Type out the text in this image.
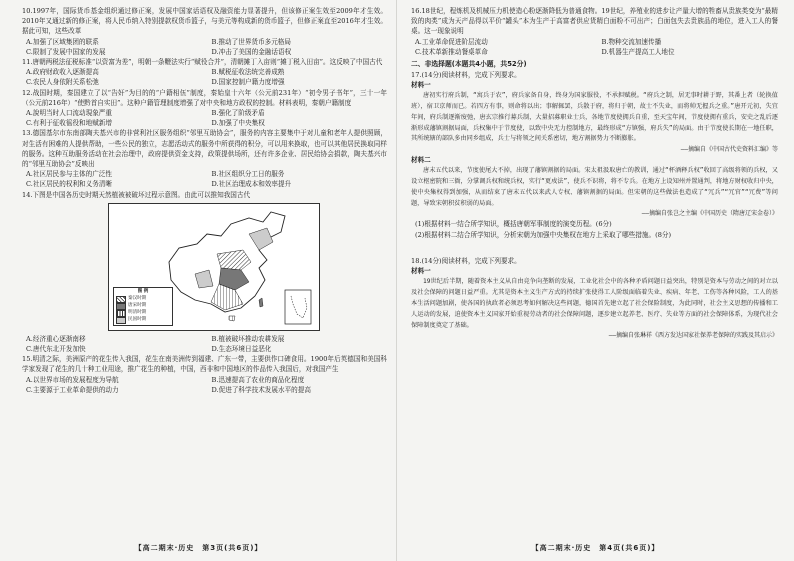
10.1997年，国际货币基金组织通过修正案，发展中国家话语权及融资能力显著提升，但该修正案生效至2009年才生效。2010年又通过新的修正案，将人民币纳入特别提款权货币篮子，与美元等构成新的货币篮子，但修正案直至2016年才生效。据此可知，这些改革

A.加强了区域集团的联系	B.推动了世界货币多元格局
C.限制了发展中国家的发展	D.冲击了美国的金融话语权

11.唐朝两税法征税标准“以资富为差”，明朝一条鞭法实行“赋役合并”，清朝摊丁入亩则“摊丁税入田亩”。这反映了中国古代

A.政府财政收入逐渐提高	B.赋税征收法统完善成熟
C.农民人身依附关系松弛	D.国家控制户籍力度增强

12.战国时期，秦国建立了以“告奸”为目的的“户籍相伍”制度，秦始皇十六年（公元前231年）“初令男子书年”，三十一年（公元前216年）“使黔首自实田”。这种户籍管理制度增强了对中央和地方政权的控制。材料表明，秦朝户籍制度

A.說明当时人口流动現象严重	B.强化了阶级矛盾
C.有利于征收徭役和地赋新增	D.加强了中央集权

13.德国基尔市东南部陶夫基兴市的非营利社区服务组织“邻里互助协会”，服务的内容主要集中于对儿童和老年人提供照顾，对生活有困难的人提供帮助，一些公民的独立，志愿活动式的服务中所获得的积分，可以用来换取，也可以其他居民换取同样的服务。这种互助服务活动在社会治理中，政府提供资金支持，政策提供场所，还有许多企业、居民给协会捐款，陶夫基兴市的“邻里互助协会”反映出

A.社区居民参与主体的广泛性	B.社区组织分工日的服务
C.社区居民的权利和义务清晰	D.社区治理成本和效率提升

14.下图是中国各历史时期天然植被被破坏过程示意图。由此可以推知我国古代

图 例
秦汉时期
唐宋时期
明清时期
民国时期
A.经济重心逐渐南移	B.植被破坏推动农耕发展
C.唐代东北开发加快	D.生态环境日益恶化

15.明清之际，美洲原产的花生传入我国，花生在南美洲传到福建、广东一带，主要供作口碑食用。1900年后英德国和美国科学家发现了花生的几十种工业用途，推广花生的种植，中国，西非和中国地区的作品传入我国后，对我国产生

A.以世界市场的发展程度为导航	B.迅速提高了农业的商品化程度
C.主要源于工业革命提供的动力	D.促进了科学技术发展水平的提高
【高二期末·历史　第3页(共6页)】

16.18世纪，程炼机及机械压力机使造心粉逐渐降低为普通食物。19世纪，养殖业的进步让产量大增的牲畜从贵族类变为“最精致的肉类”成为天产品得以平价“罐头”本为生产于高富者供应货精白面粉不可出产；白面包失去贵族品的地位，进入工人的餐桌。这一现象说明

A.工业革命促进阶层流动	B.物种交流加速传播
C.技术革新推动餐桌革命	D.机器生产提高工人地位

二、非选择题(本题共4小题，共52分)

17.(14分)阅读材料，完成下列要求。

材料一

唐初实行府兵制，“寓兵于农”，府兵家备自身，终身为国家服役，不承担赋税。“府兵之制，居无事时耕于野，其番上者（轮换值班），宿卫京师而已。若四方有事，则命将以出；事解辄罢，兵散于府，将归于朝，故士不失业，而将帅无握兵之重。”唐开元初，失宜年间，府兵制逐渐废弛，唐玄宗推行募兵制，大量招募职业士兵，各地节度使拥兵自重，至天宝年间，节度使拥有重兵，安史之乱后逐渐形成藩镇割据局面，兵权集中于节度使，以致中央无力控制地方，最终形成“方镇强，府兵失”的局面。由于节度使长期在一地任职，其所统辖的部队多由同乡组成，兵士与将领之间关系密切，地方割据势力不断膨胀。

——摘编自《中国古代史资料汇编》等

材料二

唐末五代以来，节度使尾大不掉，出现了藩镇割据的局面。宋太祖汲取唐亡的教训，通过“杯酒释兵权”收回了高级将领的兵权，又设立枢密院和三衙，分掌调兵权和统兵权，实行“更戍法”，使兵不识将，将不专兵。在地方上设知州并置通判，将地方财权收归中央，使中央集权得到加强，从而结束了唐末五代以来武人专权、藩镇割据的局面。但宋朝的这些做法也造成了“冗兵”“冗官”“冗费”等问题，导致宋朝积贫积弱的局面。

——摘编自张岂之主编《中国历史（隋唐辽宋金卷）》

(1)根据材料一结合所学知识，概括唐朝军事制度的演变历程。(6分)

(2)根据材料二结合所学知识，分析宋朝为加强中央集权在地方上采取了哪些措施。(8分)

18.(14分)阅读材料，完成下列要求。

材料一

19世纪后半期，随着资本主义从自由竞争向垄断的发展，工业化社会中的各种矛盾问题日益突出，特别是资本与劳动之间的对立以及社会保障的问题日益严重。尤其是资本主义生产方式的持续扩张使得工人阶级面临着失业、疾病、年老、工伤等各种风险，工人的基本生活问题加剧，使各国的执政者必须思考如何解决这些问题，德国首先建立起了社会保险制度，为此同时，社会主义思想的传播和工人运动的发展，迫使资本主义国家开始重视劳动者的社会保障问题，逐步建立起养老、医疗、失业等方面的社会保障体系，为现代社会保障制度奠定了基础。

——摘编自张琳祥《西方发达国家社保养老保障的实践及其启示》

【高二期末·历史　第4页(共6页)】
